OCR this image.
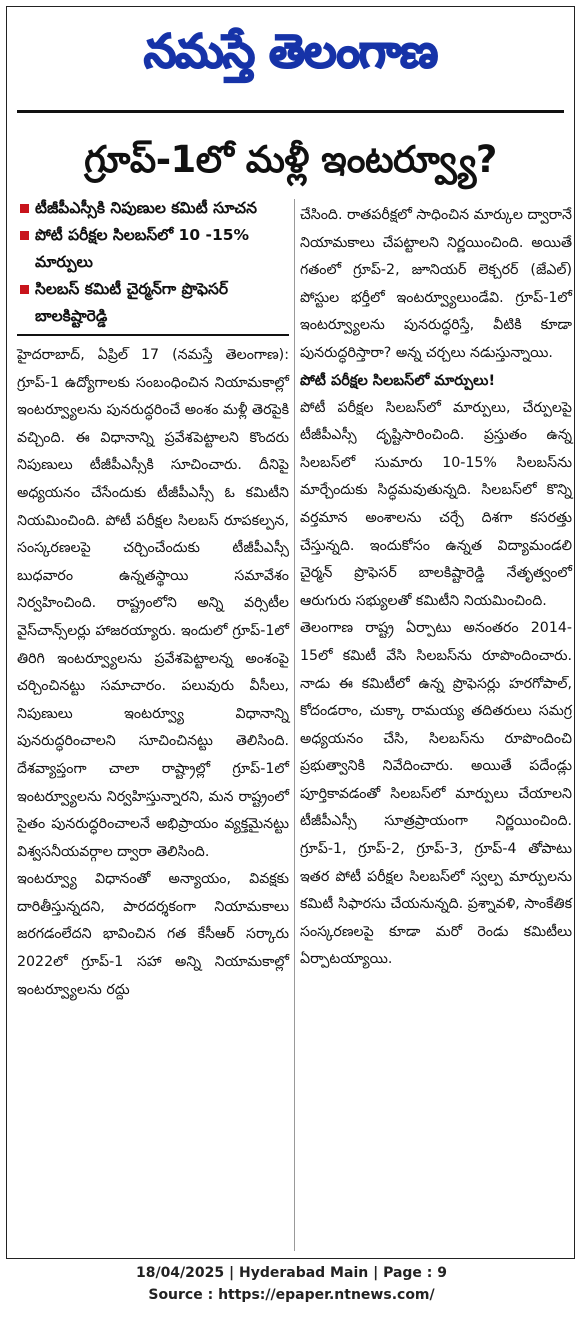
నమస్తే తెలంగాణ
గ్రూప్-1లో మళ్లీ ఇంటర్వ్యూ?
టీజీపీఎస్సీకి నిపుణుల కమిటీ సూచన
పోటీ పరీక్షల సిలబస్‌లో 10 -15% మార్పులు
సిలబస్ కమిటీ చైర్మన్‌గా ప్రొఫెసర్ బాలకిష్టారెడ్డి

హైదరాబాద్, ఏప్రిల్ 17 (నమస్తే తెలంగాణ): గ్రూప్-1 ఉద్యోగాలకు సంబంధించిన నియామకాల్లో ఇంటర్వ్యూలను పునరుద్ధరించే అంశం మళ్లీ తెరపైకి వచ్చింది. ఈ విధానాన్ని ప్రవేశపెట్టాలని కొందరు నిపుణులు టీజీపీఎస్సీకి సూచించారు. దీనిపై అధ్యయనం చేసేందుకు టీజీపీఎస్సీ ఓ కమిటీని నియమించింది. పోటీ పరీక్షల సిలబస్ రూపకల్పన, సంస్కరణలపై చర్చించేందుకు టీజీపీఎస్సీ బుధవారం ఉన్నతస్థాయి సమావేశం నిర్వహించింది. రాష్ట్రంలోని అన్ని వర్సిటీల వైస్‌చాన్స్‌లర్లు హాజరయ్యారు. ఇందులో గ్రూప్-1లో తిరిగి ఇంటర్వ్యూలను ప్రవేశపెట్టాలన్న అంశంపై చర్చించినట్టు సమాచారం. పలువురు వీసీలు, నిపుణులు ఇంటర్వ్యూ విధానాన్ని పునరుద్ధరించాలని సూచించినట్టు తెలిసింది. దేశవ్యాప్తంగా చాలా రాష్ట్రాల్లో గ్రూప్-1లో ఇంటర్వ్యూలను నిర్వహిస్తున్నారని, మన రాష్ట్రంలో సైతం పునరుద్ధరించాలనే అభిప్రాయం వ్యక్తమైనట్టు విశ్వసనీయవర్గాల ద్వారా తెలిసింది.

ఇంటర్వ్యూ విధానంతో అన్యాయం, వివక్షకు దారితీస్తున్నదని, పారదర్శకంగా నియామకాలు జరగడంలేదని భావించిన గత కేసీఆర్ సర్కారు 2022లో గ్రూప్-1 సహా అన్ని నియామకాల్లో ఇంటర్వ్యూలను రద్దు

చేసింది. రాతపరీక్షలో సాధించిన మార్కుల ద్వారానే నియామకాలు చేపట్టాలని నిర్ణయించింది. అయితే గతంలో గ్రూప్-2, జూనియర్ లెక్చరర్ (జేఎల్) పోస్టుల భర్తీలో ఇంటర్వ్యూలుండేవి. గ్రూప్-1లో ఇంటర్వ్యూలను పునరుద్ధరిస్తే, వీటికి కూడా పునరుద్ధరిస్తారా? అన్న చర్చలు నడుస్తున్నాయి.

పోటీ పరీక్షల సిలబస్‌లో మార్పులు!

పోటీ పరీక్షల సిలబస్‌లో మార్పులు, చేర్పులపై టీజీపీఎస్సీ దృష్టిసారించింది. ప్రస్తుతం ఉన్న సిలబస్‌లో సుమారు 10-15% సిలబస్‌ను మార్చేందుకు సిద్ధమవుతున్నది. సిలబస్‌లో కొన్ని వర్తమాన అంశాలను చర్చే దిశగా కసరత్తు చేస్తున్నది. ఇందుకోసం ఉన్నత విద్యామండలి చైర్మన్ ప్రొఫెసర్ బాలకిష్టారెడ్డి నేతృత్వంలో ఆరుగురు సభ్యులతో కమిటీని నియమించింది.

తెలంగాణ రాష్ట్ర ఏర్పాటు అనంతరం 2014-15లో కమిటీ వేసి సిలబస్‌ను రూపొందించారు. నాడు ఈ కమిటీలో ఉన్న ప్రొఫెసర్లు హరగోపాల్, కోదండరాం, చుక్కా రామయ్య తదితరులు సమగ్ర అధ్యయనం చేసి, సిలబస్‌ను రూపొందించి ప్రభుత్వానికి నివేదించారు. అయితే పదేండ్లు పూర్తికావడంతో సిలబస్‌లో మార్పులు చేయాలని టీజీపీఎస్సీ సూత్రప్రాయంగా నిర్ణయించింది. గ్రూప్-1, గ్రూప్-2, గ్రూప్-3, గ్రూప్-4 తోపాటు ఇతర పోటీ పరీక్షల సిలబస్‌లో స్వల్ప మార్పులను కమిటీ సిఫారసు చేయనున్నది. ప్రశ్నావళి, సాంకేతిక సంస్కరణలపై కూడా మరో రెండు కమిటీలు ఏర్పాటయ్యాయి.

18/04/2025 | Hyderabad Main | Page : 9
Source : https://epaper.ntnews.com/
